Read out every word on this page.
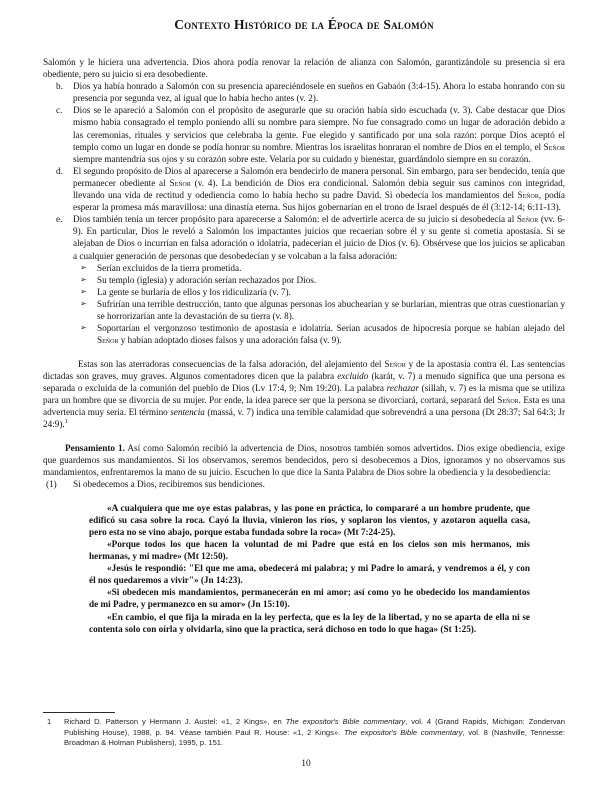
Contexto Histórico de la Época de Salomón

Salomón y le hiciera una advertencia. Dios ahora podía renovar la relación de alianza con Salomón, garantizándole su presencia si era obediente, pero su juicio si era desobediente.

b. Dios ya había honrado a Salomón con su presencia apareciéndosele en sueños en Gabaón (3:4-15). Ahora lo estaba honrando con su presencia por segunda vez, al igual que lo había hecho antes (v. 2).

c. Dios se le apareció a Salomón con el propósito de asegurarle que su oración había sido escuchada (v. 3). Cabe destacar que Dios mismo había consagrado el templo poniendo allí su nombre para siempre. No fue consagrado como un lugar de adoración debido a las ceremonias, rituales y servicios que celebraba la gente. Fue elegido y santificado por una sola razón: porque Dios aceptó el templo como un lugar en donde se podía honrar su nombre. Mientras los israelitas honraran el nombre de Dios en el templo, el Señor siempre mantendría sus ojos y su corazón sobre este. Velaría por su cuidado y bienestar, guardándolo siempre en su corazón.

d. El segundo propósito de Dios al aparecerse a Salomón era bendecirlo de manera personal. Sin embargo, para ser bendecido, tenía que permanecer obediente al Señor (v. 4). La bendición de Dios era condicional. Salomón debía seguir sus caminos con integridad, llevando una vida de rectitud y odediencia como lo había hecho su padre David. Si obedecía los mandamientos del Señor, podía esperar la promesa más maravillosa: una dinastía eterna. Sus hijos gobernarían en el trono de Israel después de él (3:12-14; 6:11-13).

e. Dios también tenía un tercer propósito para aparecerse a Salomón: el de advertirle acerca de su juicio si desobedecía al Señor (vv. 6-9). En particular, Dios le reveló a Salomón los impactantes juicios que recaerían sobre él y su gente si cometía apostasía. Si se alejaban de Dios o incurrían en falsa adoración o idolatría, padecerían el juicio de Dios (v. 6). Obsérvese que los juicios se aplicaban a cualquier generación de personas que desobedecían y se volcaban a la falsa adoración:

➢ Serían excluidos de la tierra prometida.

➢ Su templo (iglesia) y adoración serían rechazados por Dios.

➢ La gente se burlaría de ellos y los ridiculizaría (v. 7).

➢ Sufrirían una terrible destrucción, tanto que algunas personas los abuchearían y se burlarían, mientras que otras cuestionarían y se horrorizarían ante la devastación de su tierra (v. 8).

➢ Soportarían el vergonzoso testimonio de apostasía e idolatría. Serían acusados de hipocresía porque se habían alejado del Señor y habían adoptado dioses falsos y una adoración falsa (v. 9).

Estas son las aterradoras consecuencias de la falsa adoración, del alejamiento del Señor y de la apostasía contra él. Las sentencias dictadas son graves, muy graves. Algunos comentadores dicen que la palabra excluido (karát, v. 7) a menudo significa que una persona es separada o excluida de la comunión del pueblo de Dios (Lv 17:4, 9; Nm 19:20). La palabra rechazar (sillah, v. 7) es la misma que se utiliza para un hombre que se divorcia de su mujer. Por ende, la idea parece ser que la persona se divorciará, cortará, separará del Señor. Esta es una advertencia muy seria. El término sentencia (massá, v. 7) indica una terrible calamidad que sobrevendrá a una persona (Dt 28:37; Sal 64:3; Jr 24:9).$^1$

Pensamiento 1. Así como Salomón recibió la advertencia de Dios, nosotros también somos advertidos. Dios exige obediencia, exige que guardemos sus mandamientos. Si los observamos, seremos bendecidos, pero si desobecemos a Dios, ignoramos y no observamos sus mandamientos, enfrentaremos la mano de su juicio. Escuchen lo que dice la Santa Palabra de Dios sobre la obediencia y la desobediencia:

(1) Si obedecemos a Dios, recibiremos sus bendiciones.

«A cualquiera que me oye estas palabras, y las pone en práctica, lo compararé a un hombre prudente, que edificó su casa sobre la roca. Cayó la lluvia, vinieron los ríos, y soplaron los vientos, y azotaron aquella casa, pero esta no se vino abajo, porque estaba fundada sobre la roca» (Mt 7:24-25).

«Porque todos los que hacen la voluntad de mi Padre que está en los cielos son mis hermanos, mis hermanas, y mi madre» (Mt 12:50).

«Jesús le respondió: "El que me ama, obedecerá mi palabra; y mi Padre lo amará, y vendremos a él, y con él nos quedaremos a vivir"» (Jn 14:23).

«Si obedecen mis mandamientos, permanecerán en mi amor; así como yo he obedecido los mandamientos de mi Padre, y permanezco en su amor» (Jn 15:10).

«En cambio, el que fija la mirada en la ley perfecta, que es la ley de la libertad, y no se aparta de ella ni se contenta solo con oírla y olvidarla, sino que la practica, será dichoso en todo lo que haga» (St 1:25).

1 Richard D. Patterson y Hermann J. Austel: «1, 2 Kings», en The expositor's Bible commentary, vol. 4 (Grand Rapids, Michigan: Zondervan Publishing House), 1988, p. 94. Véase también Paul R. House: «1, 2 Kings». The expositor's Bible commentary, vol. 8 (Nashville, Tennesse: Broadman & Holman Publishers), 1995, p. 151.

10
